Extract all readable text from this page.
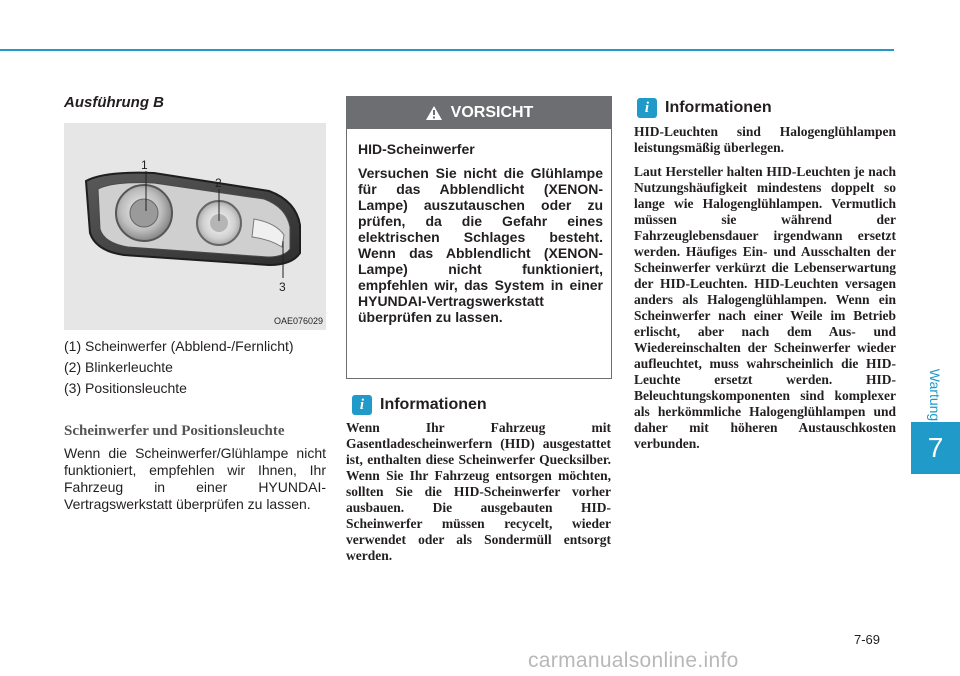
Wartung
7
Ausführung B
1
2
3
OAE076029
(1) Scheinwerfer (Abblend-/Fernlicht)
(2) Blinkerleuchte
(3) Positionsleuchte
Scheinwerfer und Positionsleuchte
Wenn die Scheinwerfer/Glühlampe nicht funktioniert, empfehlen wir Ihnen, Ihr Fahrzeug in einer HYUNDAI-Vertragswerkstatt überprüfen zu lassen.
VORSICHT
HID-Scheinwerfer
Versuchen Sie nicht die Glühlampe für das Abblendlicht (XENON-Lampe) auszutauschen oder zu prüfen, da die Gefahr eines elektrischen Schlages besteht. Wenn das Abblendlicht (XENON-Lampe) nicht funktioniert, empfehlen wir, das System in einer HYUNDAI-Vertragswerkstatt überprüfen zu lassen.
i Informationen
Wenn Ihr Fahrzeug mit Gasentladescheinwerfern (HID) ausgestattet ist, enthalten diese Scheinwerfer Quecksilber. Wenn Sie Ihr Fahrzeug entsorgen möchten, sollten Sie die HID-Scheinwerfer vorher ausbauen. Die ausgebauten HID-Scheinwerfer müssen recycelt, wieder verwendet oder als Sondermüll entsorgt werden.
i Informationen

HID-Leuchten sind Halogenglühlampen leistungsmäßig überlegen.

Laut Hersteller halten HID-Leuchten je nach Nutzungshäufigkeit mindestens doppelt so lange wie Halogenglühlampen. Vermutlich müssen sie während der Fahrzeuglebensdauer irgendwann ersetzt werden. Häufiges Ein- und Ausschalten der Scheinwerfer verkürzt die Lebenserwartung der HID-Leuchten. HID-Leuchten versagen anders als Halogenglühlampen. Wenn ein Scheinwerfer nach einer Weile im Betrieb erlischt, aber nach dem Aus- und Wiedereinschalten der Scheinwerfer wieder aufleuchtet, muss wahrscheinlich die HID-Leuchte ersetzt werden. HID-Beleuchtungskomponenten sind komplexer als herkömmliche Halogenglühlampen und daher mit höheren Austauschkosten verbunden.

7-69
carmanualsonline.info
